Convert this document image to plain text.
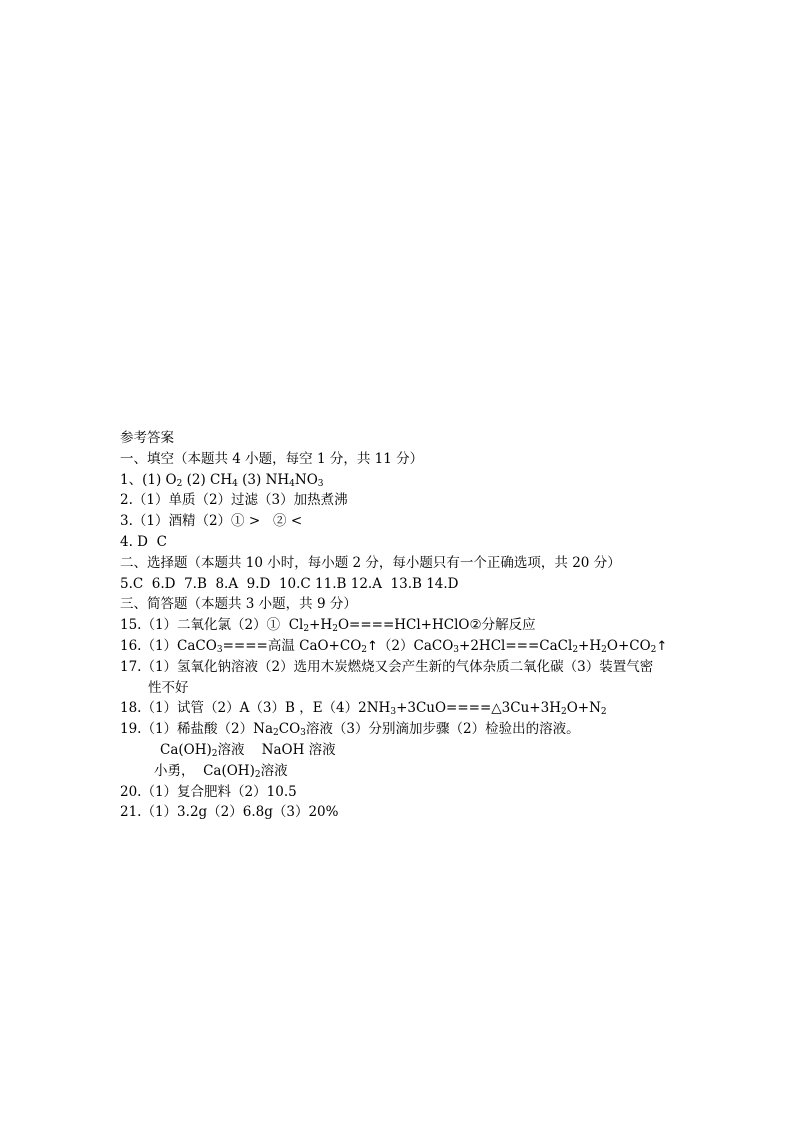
参考答案
一、填空（本题共 4 小题，每空 1 分，共 11 分）
1、(1) $O_2$ (2) $CH_4$ (3) $NH_4NO_3$
2.（1）单质（2）过滤（3）加热煮沸
3.（1）酒精（2）① >   ② <
4. D  C
二、选择题（本题共 10 小时，每小题 2 分，每小题只有一个正确选项，共 20 分）
5.C  6.D  7.B  8.A  9.D  10.C 11.B 12.A  13.B 14.D
三、简答题（本题共 3 小题，共 9 分）
15.（1）二氧化氯（2）①  $Cl_2+H_2O====HCl+HClO②$分解反应
16.（1）CaCO$_3$====高温 $CaO+CO_2↑(2)CaCO_3+2HCl===CaCl_2+H_2O+CO_2↑$
17.（1）氢氧化钠溶液（2）选用木炭燃烧又会产生新的气体杂质二氧化碳（3）装置气密
性不好
18.（1）试管（2）A（3）B ，$E(4)2NH_3+3CuO====\triangle 3Cu+3H_2O+N_2$
19.（1）稀盐酸$(2)Na_2CO_3$溶液（3）分别滴加步骤（2）检验出的溶液。
$Ca(OH)_2$溶液    NaOH 溶液
小勇，  $Ca(OH)_2$溶液
20.（1）复合肥料（2）10.5
21.（1）3.2g（2）6.8g（3）20%
